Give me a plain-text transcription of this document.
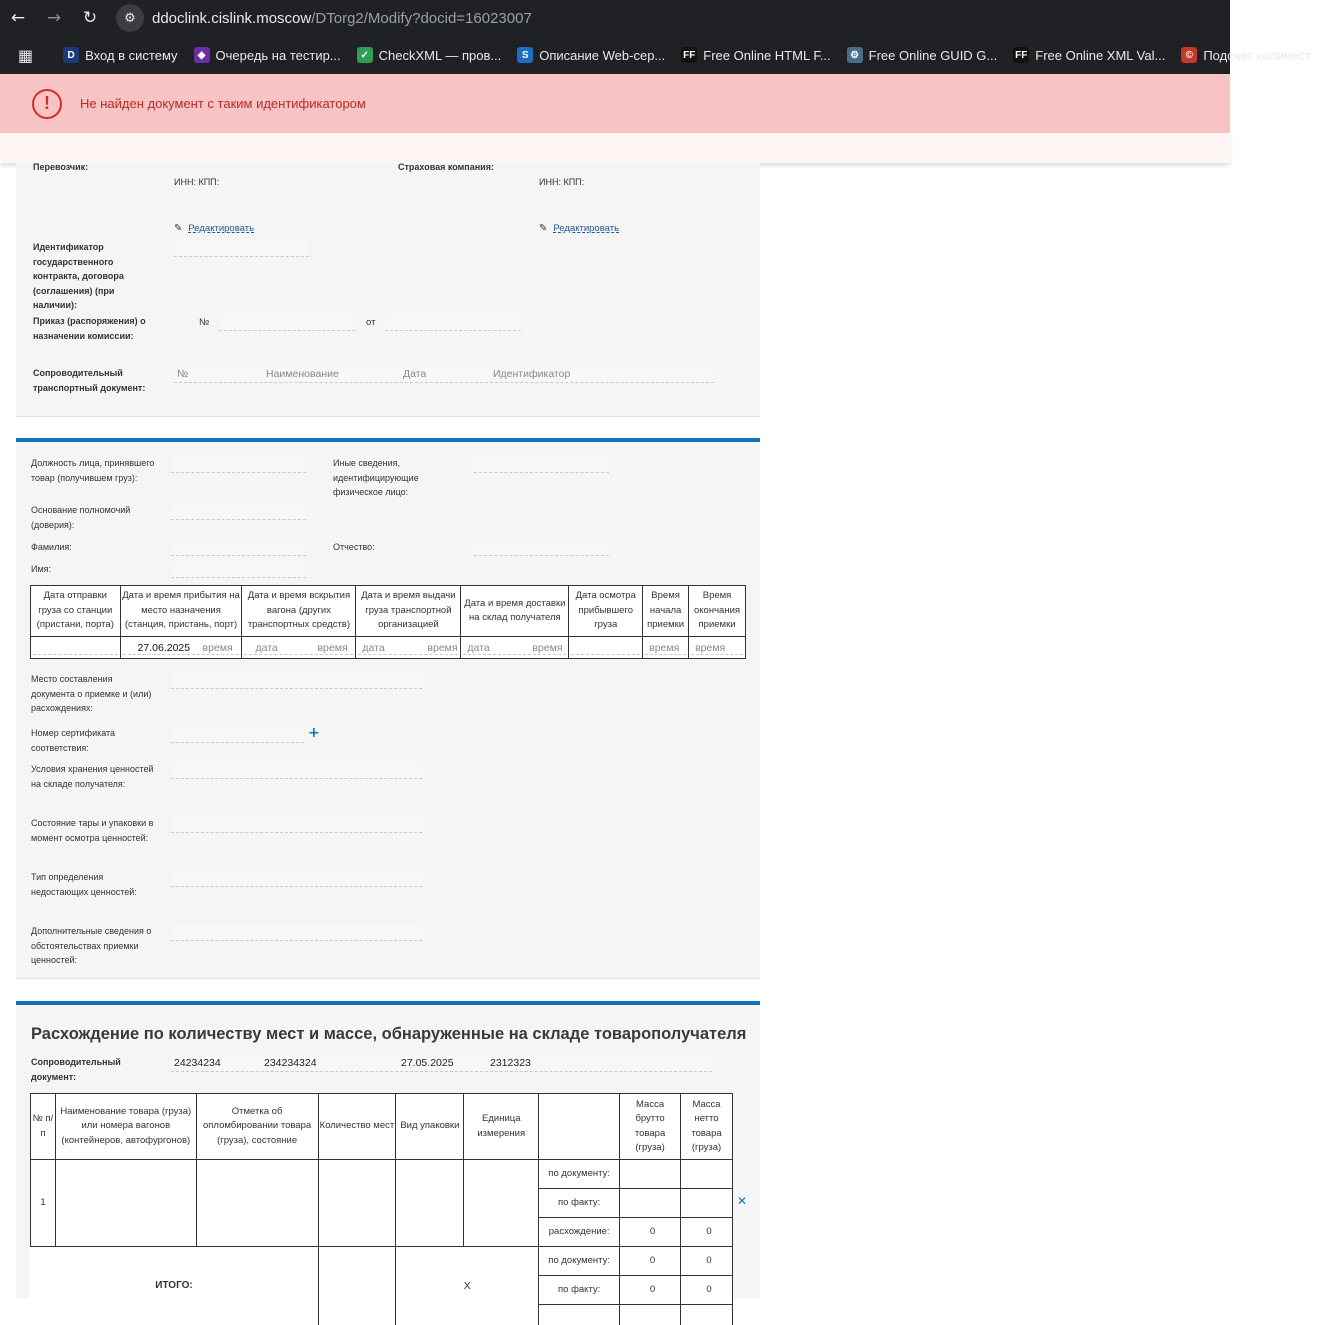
←	→	↻	⚙	ddoclink.cislink.moscow /DTorg2/Modify?docid=16023007
▦	D Вход в систему	◆ Очередь на тестир...	✓ CheckXML — пров...	S Описание Web-сер... FF Free Online HTML F...	⚙ Free Online GUID G... FF Free Online XML Val...	© Подсчет количест
!	Не найден документ с таким идентификатором
Перевозчик:
ИНН: КПП:
Страховая компания:
ИНН: КПП:
✎ Редактировать	✎ Редактировать
Идентификатор государственного контракта, договора (соглашения) (при наличии):
Приказ (распоряжения) о назначении комиссии:
№	от
Сопроводительный транспортный документ:
№	Наименование	Дата	Идентификатор
Должность лица, принявшего товар (получившем груз):
Иные сведения, идентифицирующие физическое лицо:
Основание полномочий (доверия):
Фамилия:	Отчество:
Имя:
Дата отправки груза со станции (пристани, порта)	Дата и время прибытия на место назначения (станция, пристань, порт)	Дата и время вскрытия вагона (других транспортных средств)	Дата и время выдачи груза транспортной организацией	Дата и время доставки на склад получателя	Дата осмотра прибывшего груза	Время начала приемки	Время окончания приемки

	27.06.2025 время	дата время	дата время	дата время		время	время
Место составления документа о приемке и (или) расхождениях:
Номер сертификата соответствия:
+
Условия хранения ценностей на складе получателя:
Состояние тары и упаковки в момент осмотра ценностей:
Тип определения недостающих ценностей:
Дополнительные сведения о обстоятельствах приемки ценностей:
Расхождение по количеству мест и массе, обнаруженные на складе товарополучателя
Сопроводительный документ:
24234234	234234324	27.05.2025	2312323
№ п/п	Наименование товара (груза) или номера вагонов (контейнеров, автофургонов)	Отметка об опломбировании товара (груза), состояние	Количество мест	Вид упаковки	Единица измерения		Масса брутто товара (груза)	Масса нетто товара (груза)
1						по документу:		
						по факту:		
						расхождение:	0	0
ИТОГО:				X		по документу:	0	0
						по факту:	0	0

✕
